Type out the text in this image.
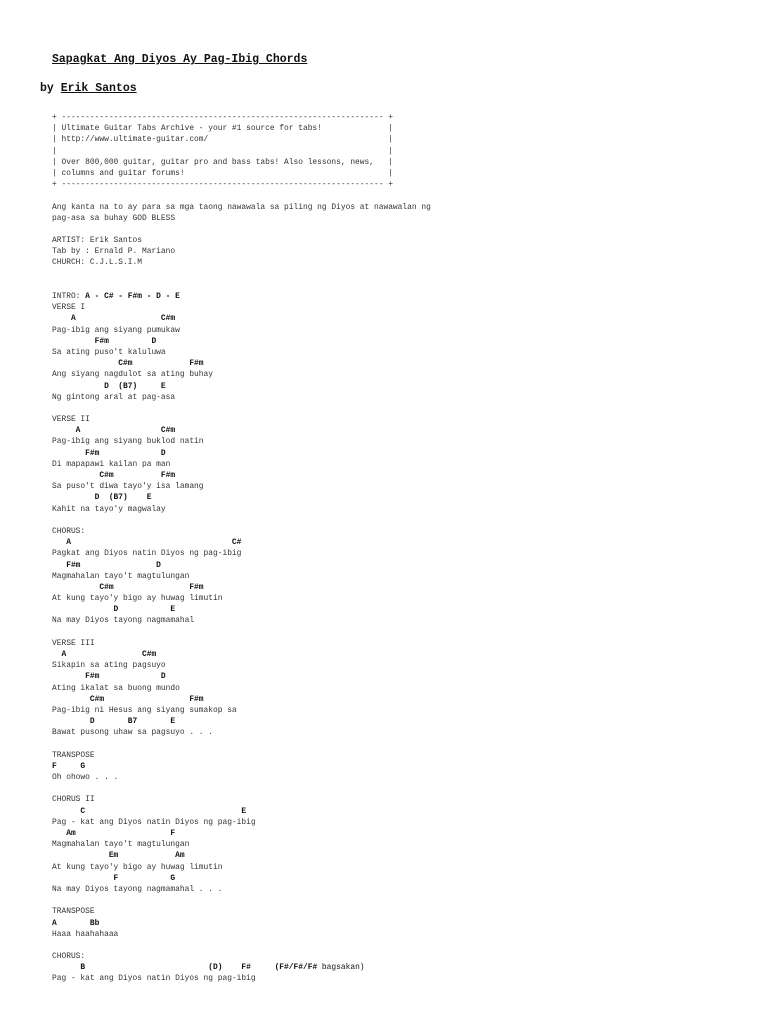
Sapagkat Ang Diyos Ay Pag-Ibig Chords
by Erik Santos
+ -------------------------------------------------------------------- +
| Ultimate Guitar Tabs Archive - your #1 source for tabs!              |
| http://www.ultimate-guitar.com/                                      |
|                                                                      |
| Over 800,000 guitar, guitar pro and bass tabs! Also lessons, news,   |
| columns and guitar forums!                                           |
+ -------------------------------------------------------------------- +
Ang kanta na to ay para sa mga taong nawawala sa piling ng Diyos at nawawalan ng
pag-asa sa buhay GOD BLESS
ARTIST: Erik Santos
Tab by : Ernald P. Mariano
CHURCH: C.J.L.S.I.M
INTRO: A - C# - F#m - D - E
VERSE I
A                  C#m
Pag-ibig ang siyang pumukaw
F#m         D
Sa ating puso't kaluluwa
C#m            F#m
Ang siyang nagdulot sa ating buhay
D  (B7)     E
Ng gintong aral at pag-asa
VERSE II
A                 C#m
Pag-ibig ang siyang buklod natin
F#m             D
Di mapapawi kailan pa man
C#m          F#m
Sa puso't diwa tayo'y isa lamang
D  (B7)    E
Kahit na tayo'y magwalay
CHORUS:
A                                  C#
Pagkat ang Diyos natin Diyos ng pag-ibig
F#m                D
Magmahalan tayo't magtulungan
C#m                F#m
At kung tayo'y bigo ay huwag limutin
D           E
Na may Diyos tayong nagmamahal
VERSE III
A                C#m
Sikapin sa ating pagsuyo
F#m             D
Ating ikalat sa buong mundo
C#m                  F#m
Pag-ibig ni Hesus ang siyang sumakop sa
D       B7       E
Bawat pusong uhaw sa pagsuyo . . .
TRANSPOSE
F     G
Oh ohowo . . .
CHORUS II
C                                 E
Pag - kat ang Diyos natin Diyos ng pag-ibig
Am                    F
Magmahalan tayo't magtulungan
Em            Am
At kung tayo'y bigo ay huwag limutin
F           G
Na may Diyos tayong nagmamahal . . .
TRANSPOSE
A       Bb
Haaa haahahaaa
CHORUS:
B                          (D)    F#     (F#/F#/F# bagsakan)
Pag - kat ang Diyos natin Diyos ng pag-ibig
